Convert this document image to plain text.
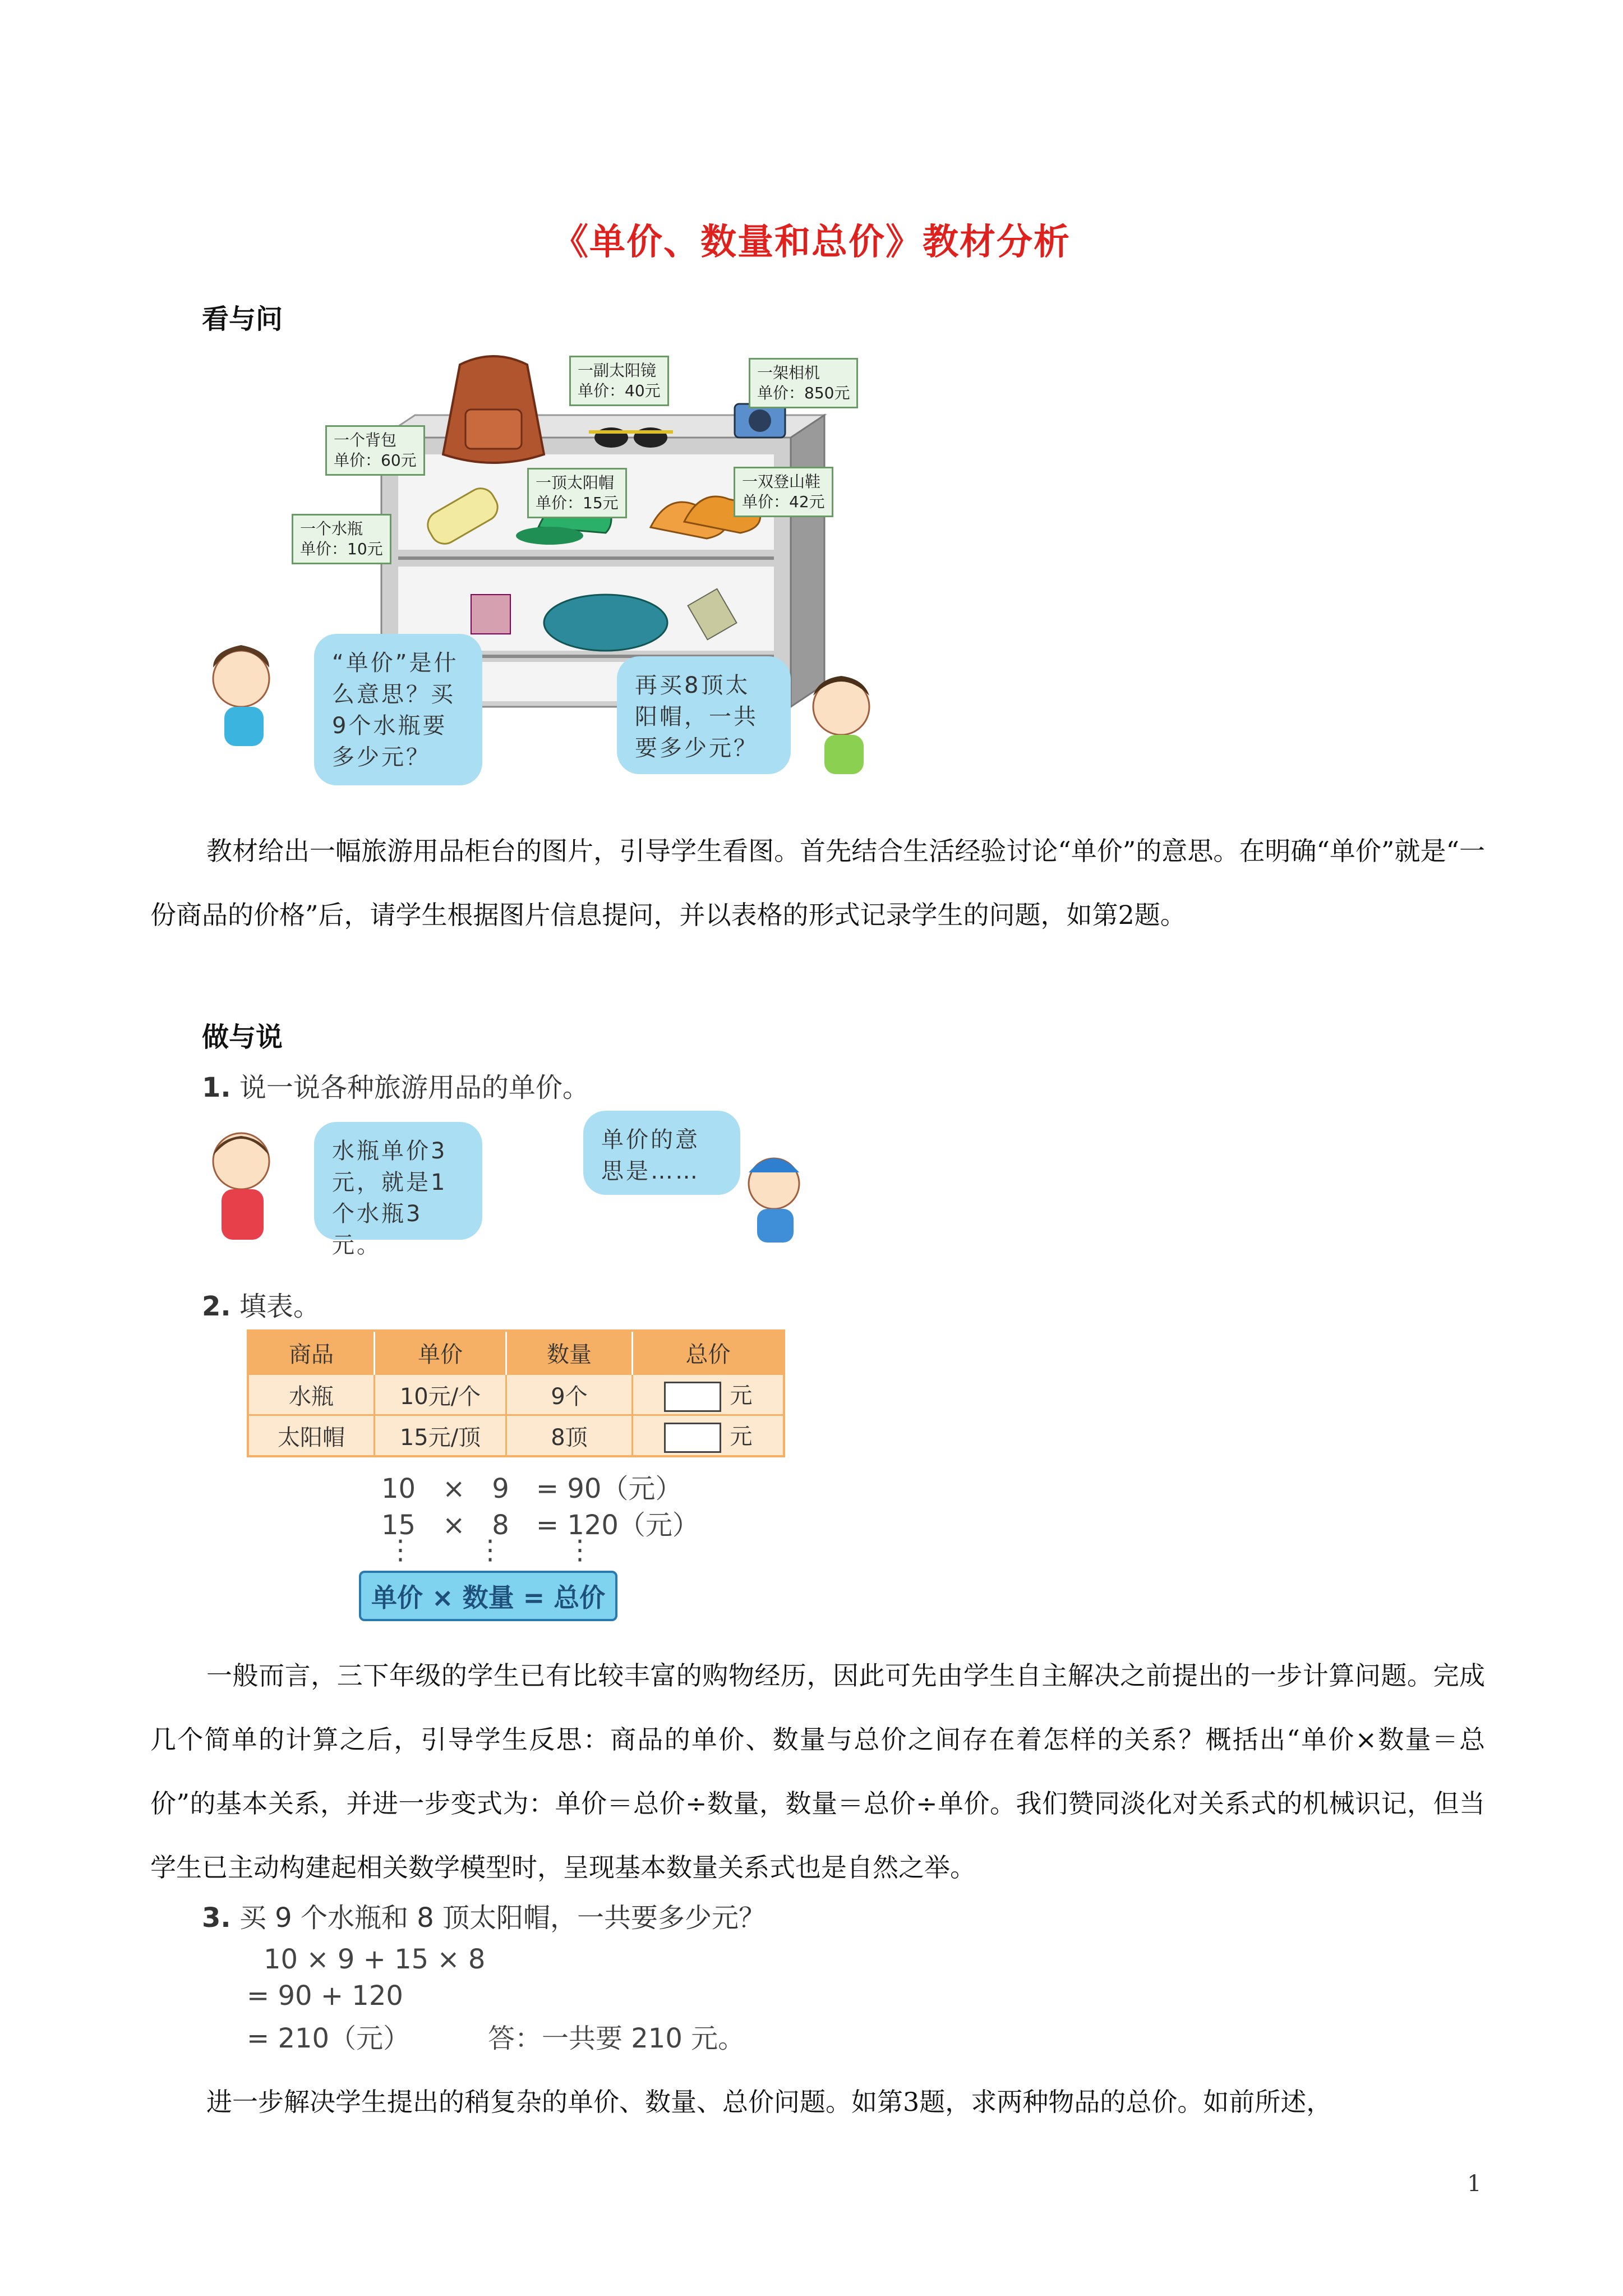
《单价、数量和总价》教材分析
看与问
一个背包
单价：60元
一副太阳镜
单价：40元
一架相机
单价：850元
一个水瓶
单价：10元
一顶太阳帽
单价：15元
一双登山鞋
单价：42元
“单价”是什么意思？买9个水瓶要多少元？
再买8顶太阳帽，一共要多少元？
教材给出一幅旅游用品柜台的图片，引导学生看图。首先结合生活经验讨论“单价”的意思。在明确“单价”就是“一份商品的价格”后，请学生根据图片信息提问，并以表格的形式记录学生的问题，如第2题。
做与说
1. 说一说各种旅游用品的单价。
水瓶单价3元，就是1个水瓶3元。
单价的意思是……
2. 填表。
商品	单价	数量	总价
水瓶	10元/个	9个	元
太阳帽	15元/顶	8顶	元
10　×　9　= 90（元）
15　×　8　= 120（元）
⋮ ⋮ ⋮
单价 × 数量 = 总价
一般而言，三下年级的学生已有比较丰富的购物经历，因此可先由学生自主解决之前提出的一步计算问题。完成几个简单的计算之后，引导学生反思：商品的单价、数量与总价之间存在着怎样的关系？概括出“单价×数量＝总价”的基本关系，并进一步变式为：单价＝总价÷数量，数量＝总价÷单价。我们赞同淡化对关系式的机械识记，但当学生已主动构建起相关数学模型时，呈现基本数量关系式也是自然之举。
3. 买 9 个水瓶和 8 顶太阳帽，一共要多少元？
10 × 9 + 15 × 8
= 90 + 120
= 210（元）	答：一共要 210 元。
进一步解决学生提出的稍复杂的单价、数量、总价问题。如第3题，求两种物品的总价。如前所述，
1
